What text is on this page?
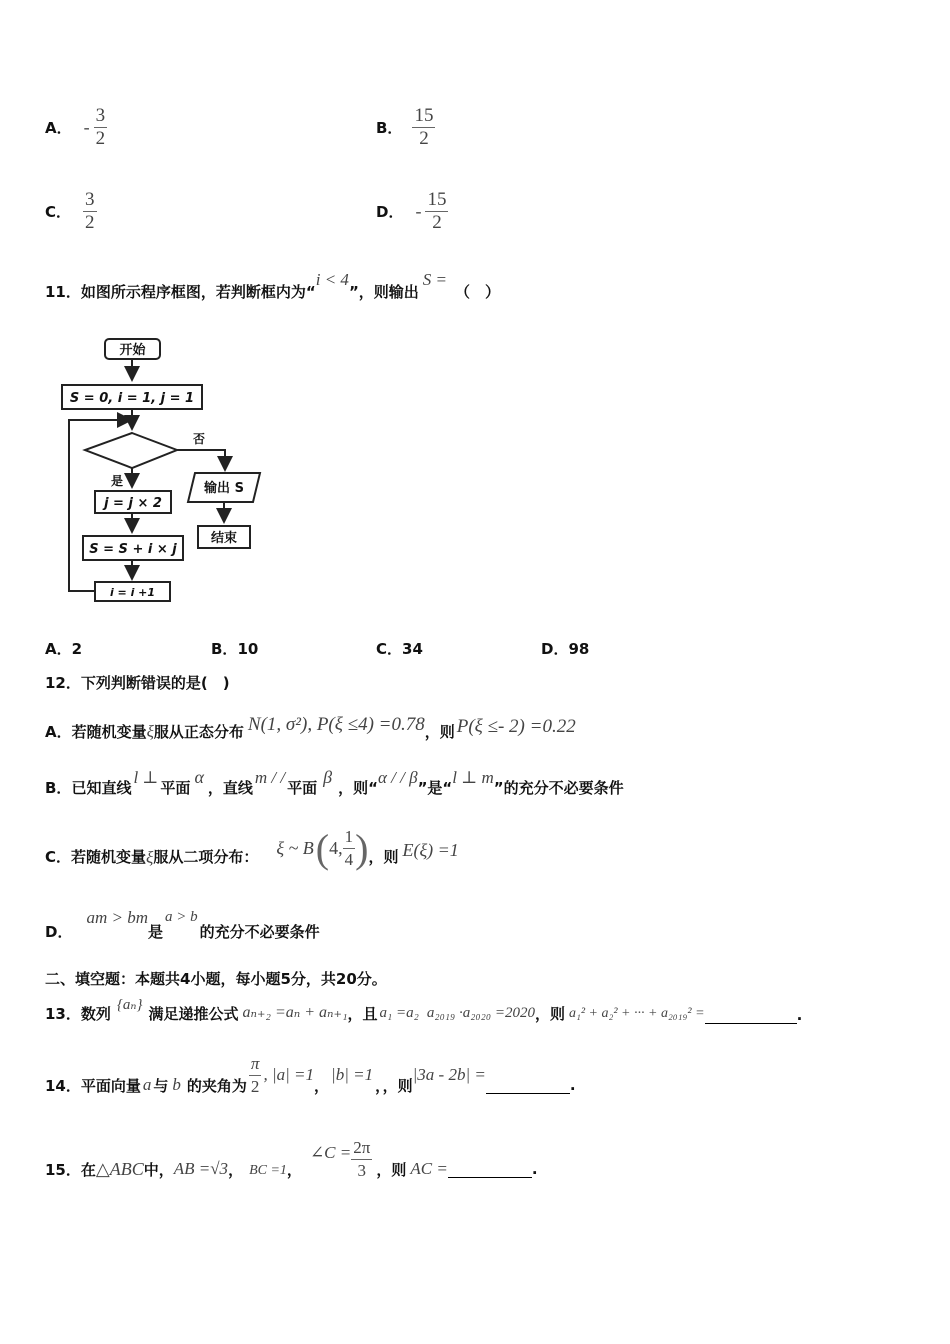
A． - $\frac{3}{2}$	B． $\frac{15}{2}$
C． $\frac{3}{2}$	D． - $\frac{15}{2}$
11．如图所示程序框图，若判断框内为“
i < 4
”，则输出
S =
（　）
开始
S = 0, i = 1, j = 1
否
是
j = j × 2
S = S + i × j
i = i +1
输出 S
结束
A．2	B．10	C．34	D．98
12．下列判断错误的是(　)
A． 若随机变量 ξ 服从正态分布 N(1, σ²), P(ξ ≤4) =0.78 ，则 P(ξ ≤- 2) =0.22
B． 已知直线
l ⊥
平面
α
，直线
m / /
平面
β
，则“
α / / β
”是“
l ⊥ m
”的充分不必要条件
C． 若随机变量 ξ 服从二项分布： ξ ~ B ( 4, $\frac{1}{4}$ ) ，则 E(ξ) =1
D．
am > bm
是
a > b
的充分不必要条件
二、填空题：本题共4小题，每小题5分，共20分。
13．数列 {aₙ} 满足递推公式 aₙ₊₂ =aₙ + aₙ₊₁ ，且 a₁ =a₂ a₂₀₁₉ ·a₂₀₂₀ =2020 ，则 a₁² + a₂² + ··· + a₂₀₁₉² =	.
14．平面向量 a 与 b 的夹角为 $\frac{\pi}{2}$ , |a| =1
，
|b| =1
，，则
|3a - 2b| =
.
15．在 △ABC 中， AB =√3 ， BC =1 ，
∠C = $\frac{2\pi}{3}$ ，则 AC =	.
